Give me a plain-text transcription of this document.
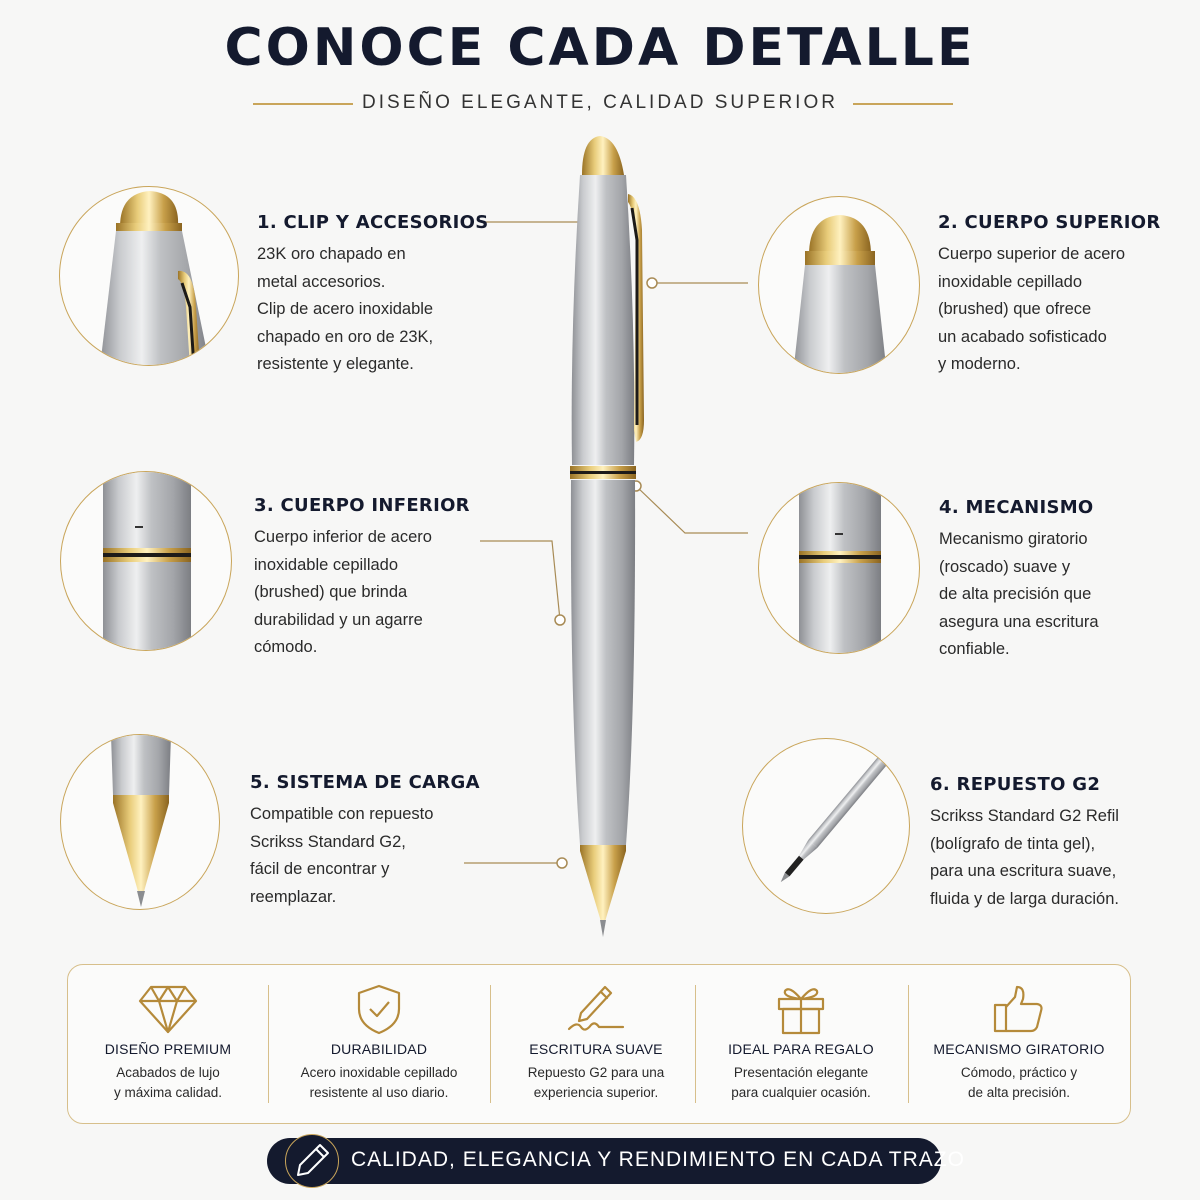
CONOCE CADA DETALLE
DISEÑO ELEGANTE, CALIDAD SUPERIOR
1. CLIP Y ACCESORIOS

23K oro chapado en
metal accesorios.
Clip de acero inoxidable
chapado en oro de 23K,
resistente y elegante.

2. CUERPO SUPERIOR

Cuerpo superior de acero
inoxidable cepillado
(brushed) que ofrece
un acabado sofisticado
y moderno.

3. CUERPO INFERIOR

Cuerpo inferior de acero
inoxidable cepillado
(brushed) que brinda
durabilidad y un agarre
cómodo.

4. MECANISMO

Mecanismo giratorio
(roscado) suave y
de alta precisión que
asegura una escritura
confiable.

5. SISTEMA DE CARGA

Compatible con repuesto
Scrikss Standard G2,
fácil de encontrar y
reemplazar.

6. REPUESTO G2

Scrikss Standard G2 Refil
(bolígrafo de tinta gel),
para una escritura suave,
fluida y de larga duración.

DISEÑO PREMIUM
Acabados de lujo
y máxima calidad.
DURABILIDAD
Acero inoxidable cepillado
resistente al uso diario.
ESCRITURA SUAVE
Repuesto G2 para una
experiencia superior.
IDEAL PARA REGALO
Presentación elegante
para cualquier ocasión.
MECANISMO GIRATORIO
Cómodo, práctico y
de alta precisión.
CALIDAD, ELEGANCIA Y RENDIMIENTO EN CADA TRAZO
